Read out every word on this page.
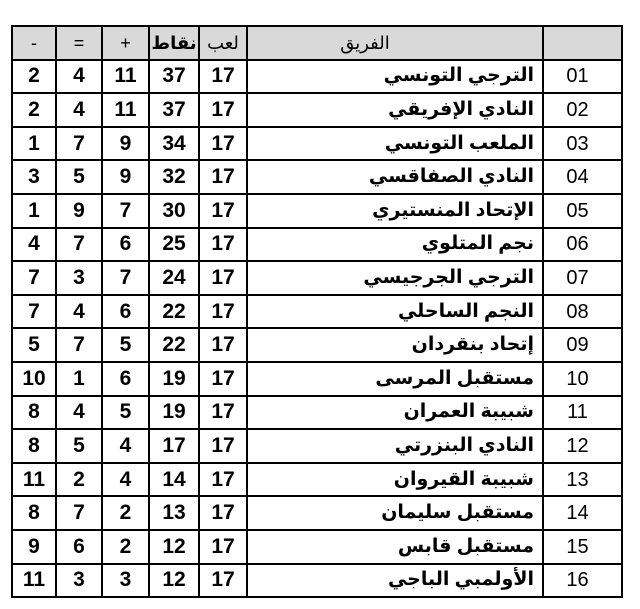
-	=	+	نقاط	لعب	الفريق	
2	4	11	37	17	الترجي التونسي	01
2	4	11	37	17	النادي الإفريقي	02
1	7	9	34	17	الملعب التونسي	03
3	5	9	32	17	النادي الصفاقسي	04
1	9	7	30	17	الإتحاد المنستيري	05
4	7	6	25	17	نجم المتلوي	06
7	3	7	24	17	الترجي الجرجيسي	07
7	4	6	22	17	النجم الساحلي	08
5	7	5	22	17	إتحاد بنقردان	09
10	1	6	19	17	مستقبل المرسى	10
8	4	5	19	17	شبيبة العمران	11
8	5	4	17	17	النادي البنزرتي	12
11	2	4	14	17	شبيبة القيروان	13
8	7	2	13	17	مستقبل سليمان	14
9	6	2	12	17	مستقبل قابس	15
11	3	3	12	17	الأولمبي الباجي	16
